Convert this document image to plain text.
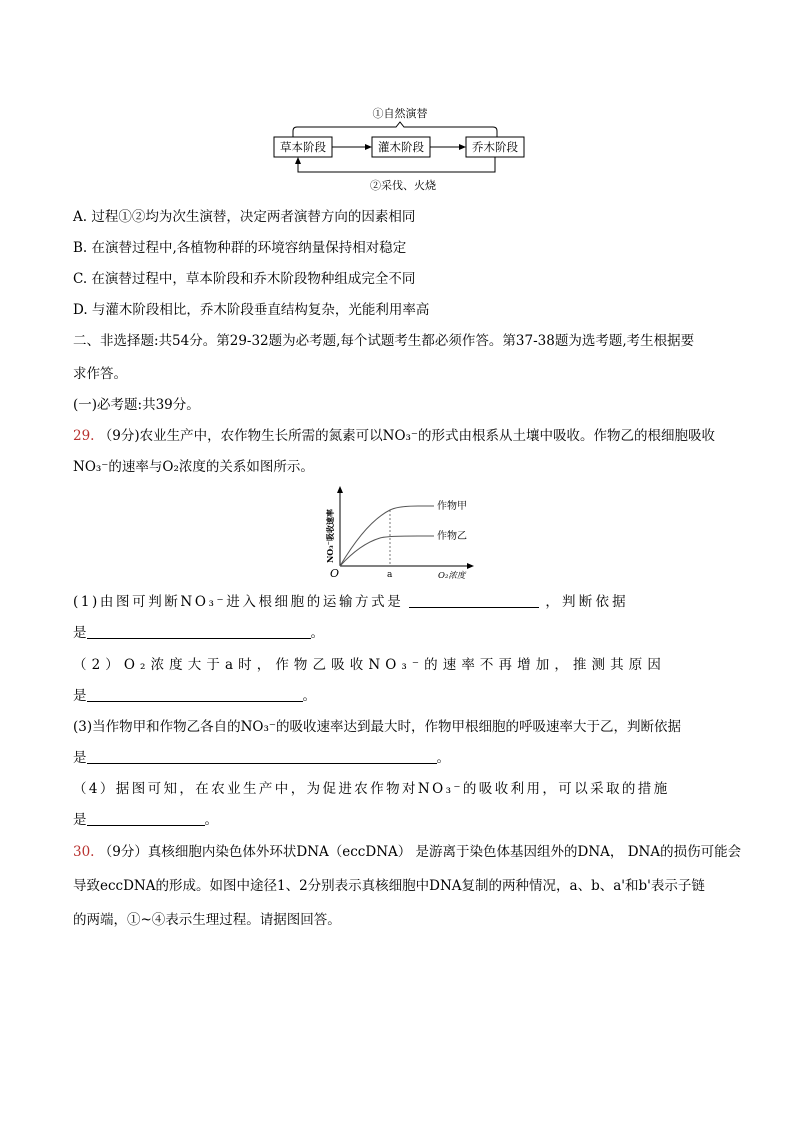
①自然演替
草本阶段	灌木阶段	乔木阶段
②采伐、火烧
A. 过程①②均为次生演替，决定两者演替方向的因素相同
B. 在演替过程中,各植物种群的环境容纳量保持相对稳定
C. 在演替过程中，草本阶段和乔木阶段物种组成完全不同
D. 与灌木阶段相比，乔木阶段垂直结构复杂，光能利用率高
二、非选择题:共54分。第29-32题为必考题,每个试题考生都必须作答。第37-38题为选考题,考生根据要
求作答。
(一)必考题:共39分。
29. （9分)农业生产中，农作物生长所需的氮素可以NO₃⁻的形式由根系从土壤中吸收。作物乙的根细胞吸收
NO₃⁻的速率与O₂浓度的关系如图所示。
NO₃⁻吸收速率
作物甲
作物乙
O	a	O₂浓度
(1)由图可判断NO₃⁻进入根细胞的运输方式是	，判断依据
是	。
（2）O₂浓度大于a时，作物乙吸收NO₃⁻的速率不再增加，推测其原因
是	。
(3)当作物甲和作物乙各自的NO₃⁻的吸收速率达到最大时，作物甲根细胞的呼吸速率大于乙，判断依据
是	。
（4）据图可知，在农业生产中，为促进农作物对NO₃⁻的吸收利用，可以采取的措施
是	。
30. （9分）真核细胞内染色体外环状DNA（eccDNA） 是游离于染色体基因组外的DNA， DNA的损伤可能会
导致eccDNA的形成。如图中途径1、2分别表示真核细胞中DNA复制的两种情况，a、b、a'和b'表示子链
的两端，①~④表示生理过程。请据图回答。
